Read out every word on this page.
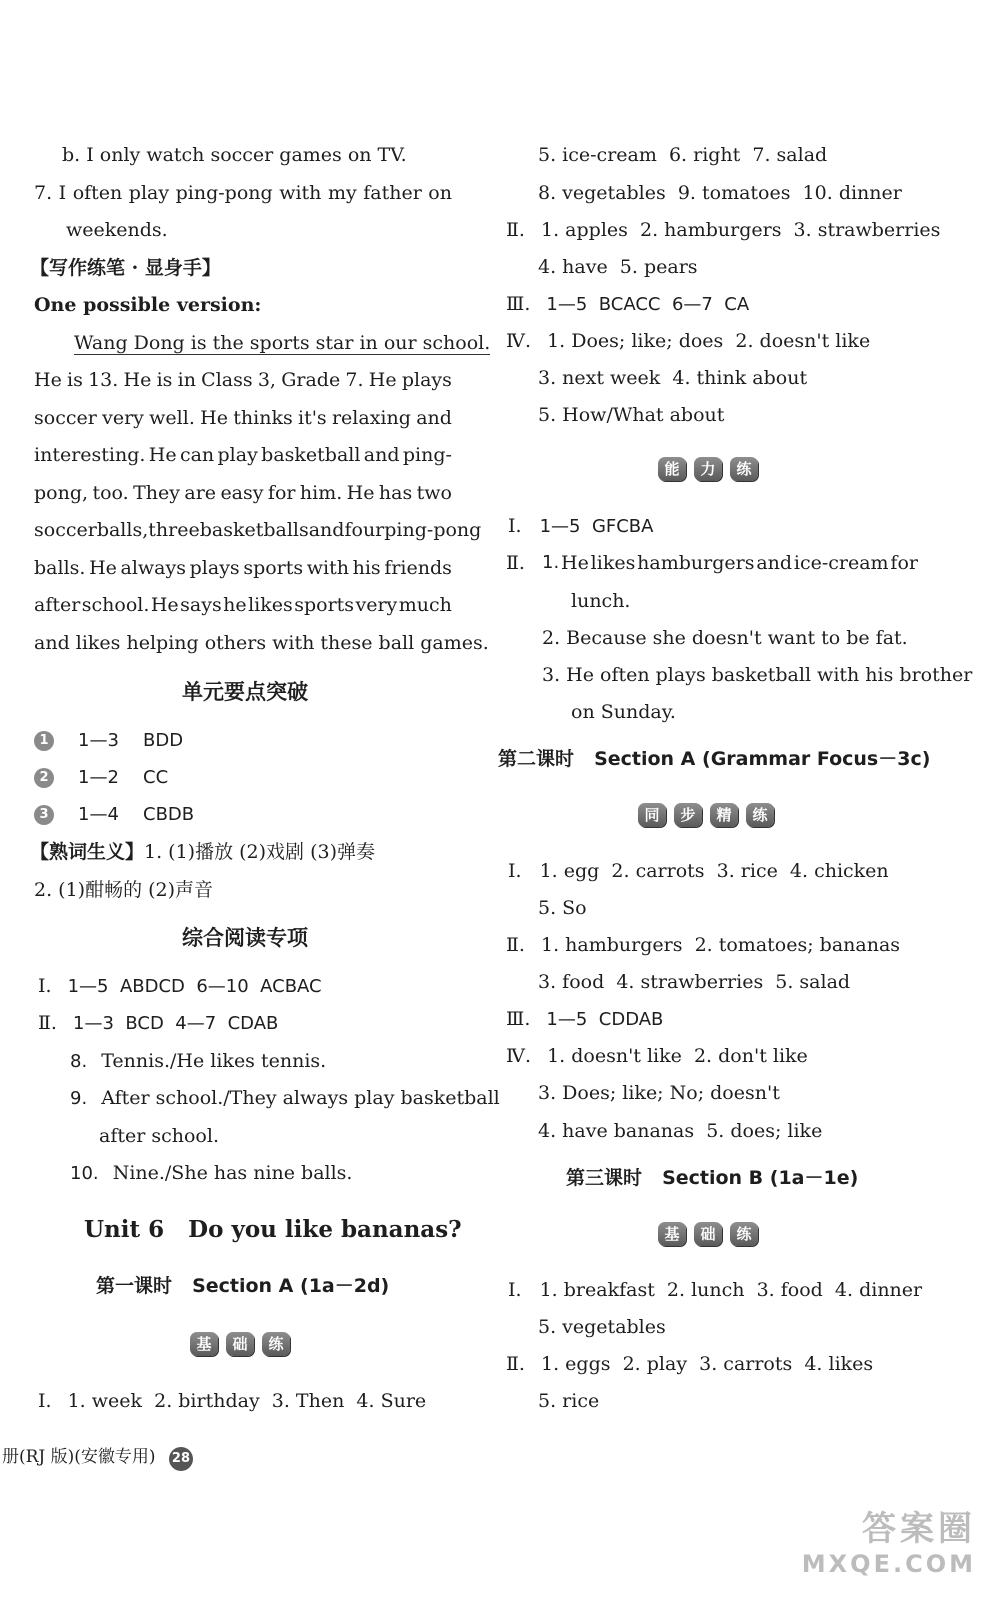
b. I only watch soccer games on TV.
7. I often play ping-pong with my father on
weekends.
【写作练笔 · 显身手】
One possible version:
Wang Dong is the sports star in our school.
He is 13. He is in Class 3, Grade 7. He plays
soccer very well. He thinks it's relaxing and
interesting. He can play basketball and ping-
pong, too. They are easy for him. He has two
soccer balls, three basketballs and four ping-pong
balls. He always plays sports with his friends
after school. He says he likes sports very much
and likes helping others with these ball games.
单元要点突破
1 1—3 BDD
2 1—2 CC
3 1—4 CBDB
【熟词生义】1. (1)播放 (2)戏剧 (3)弹奏
2. (1)酣畅的 (2)声音
综合阅读专项
Ⅰ. 1—5  ABDCD  6—10  ACBAC
Ⅱ. 1—3  BCD  4—7  CDAB
8. Tennis./He likes tennis.
9. After school./They always play basketball
after school.
10. Nine./She has nine balls.
Unit 6   Do you like bananas?
第一课时 Section A (1a－2d)
基	础	练
Ⅰ. 1. week  2. birthday  3. Then  4. Sure
册(RJ 版)(安徽专用) 28
5. ice-cream  6. right  7. salad
8. vegetables  9. tomatoes  10. dinner
Ⅱ. 1. apples  2. hamburgers  3. strawberries
4. have  5. pears
Ⅲ. 1—5  BCACC  6—7  CA
Ⅳ. 1. Does; like; does  2. doesn't like
3. next week  4. think about
5. How/What about
能	力	练
Ⅰ. 1—5  GFCBA
Ⅱ. 1. He likes hamburgers and ice-cream for
lunch.
2. Because she doesn't want to be fat.
3. He often plays basketball with his brother
on Sunday.
第二课时 Section A (Grammar Focus－3c)
同	步	精	练
Ⅰ. 1. egg  2. carrots  3. rice  4. chicken
5. So
Ⅱ. 1. hamburgers  2. tomatoes; bananas
3. food  4. strawberries  5. salad
Ⅲ. 1—5  CDDAB
Ⅳ. 1. doesn't like  2. don't like
3. Does; like; No; doesn't
4. have bananas  5. does; like
第三课时 Section B (1a－1e)
基	础	练
Ⅰ. 1. breakfast  2. lunch  3. food  4. dinner
5. vegetables
Ⅱ. 1. eggs  2. play  3. carrots  4. likes
5. rice
答案圈
MXQE.COM
